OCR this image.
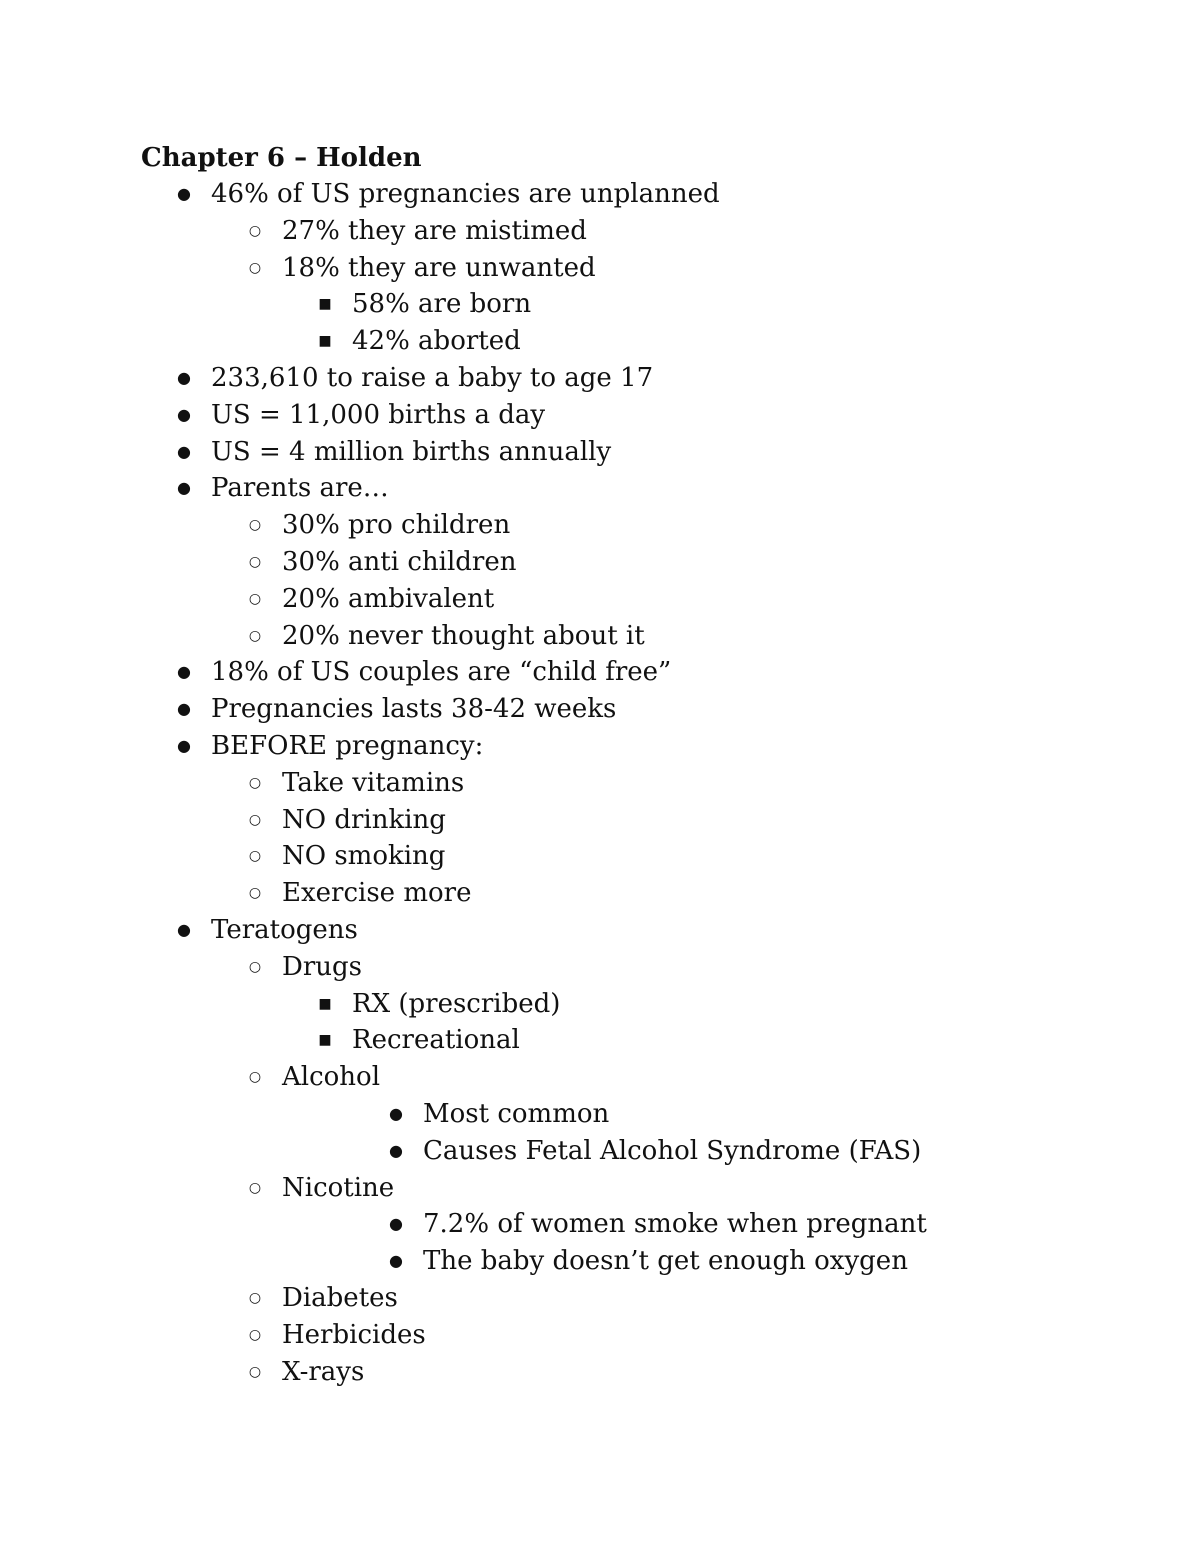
Chapter 6 – Holden
● 46% of US pregnancies are unplanned
○ 27% they are mistimed
○ 18% they are unwanted
■ 58% are born
■ 42% aborted
● 233,610 to raise a baby to age 17
● US = 11,000 births a day
● US = 4 million births annually
● Parents are…
○ 30% pro children
○ 30% anti children
○ 20% ambivalent
○ 20% never thought about it
● 18% of US couples are “child free”
● Pregnancies lasts 38-42 weeks
● BEFORE pregnancy:
○ Take vitamins
○ NO drinking
○ NO smoking
○ Exercise more
● Teratogens
○ Drugs
■ RX (prescribed)
■ Recreational
○ Alcohol
● Most common
● Causes Fetal Alcohol Syndrome (FAS)
○ Nicotine
● 7.2% of women smoke when pregnant
● The baby doesn’t get enough oxygen
○ Diabetes
○ Herbicides
○ X-rays
